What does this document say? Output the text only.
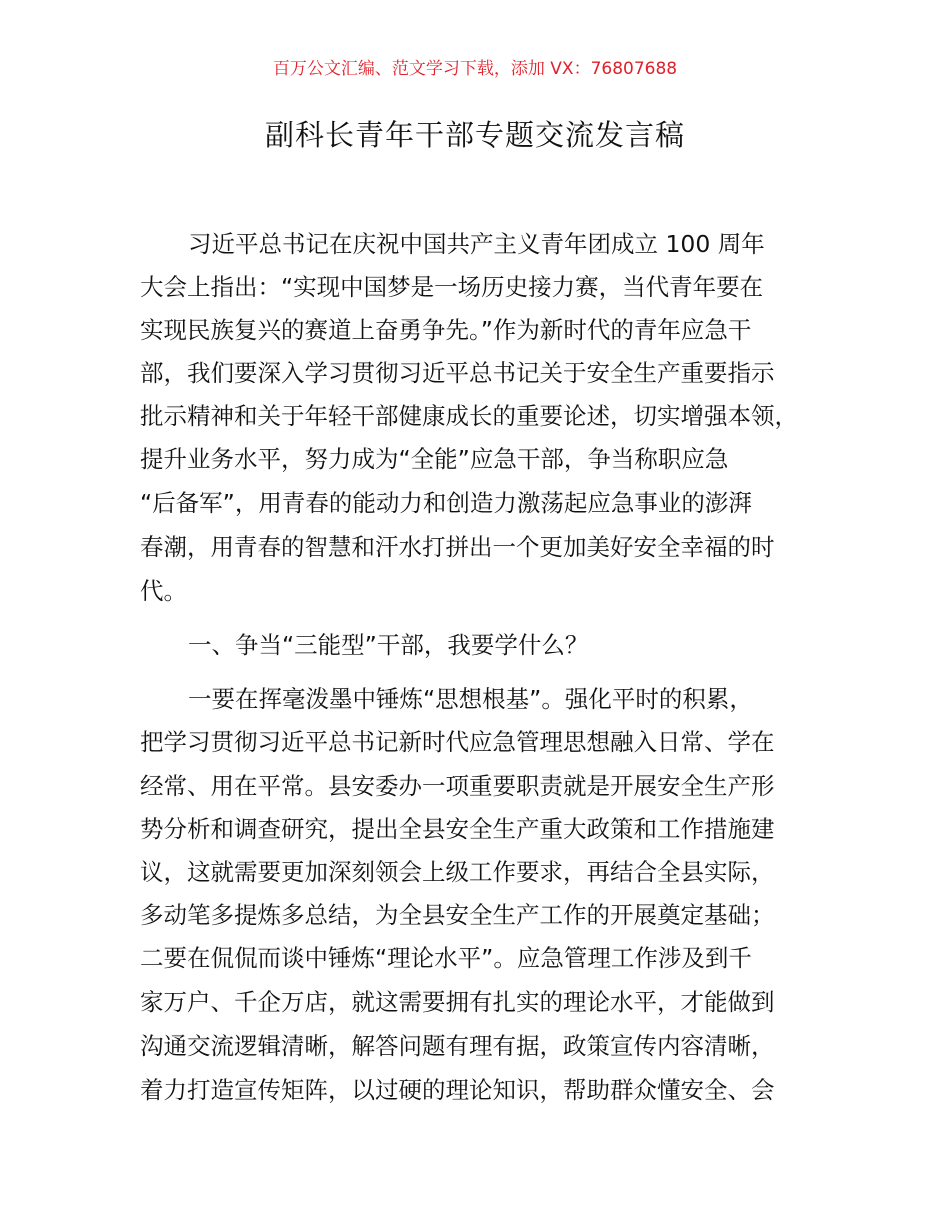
百万公文汇编、范文学习下载，添加 VX：76807688
副科长青年干部专题交流发言稿
习近平总书记在庆祝中国共产主义青年团成立 100 周年
大会上指出：“实现中国梦是一场历史接力赛，当代青年要在
实现民族复兴的赛道上奋勇争先。”作为新时代的青年应急干
部，我们要深入学习贯彻习近平总书记关于安全生产重要指示
批示精神和关于年轻干部健康成长的重要论述，切实增强本领，
提升业务水平，努力成为“全能”应急干部，争当称职应急
“后备军”，用青春的能动力和创造力激荡起应急事业的澎湃
春潮，用青春的智慧和汗水打拼出一个更加美好安全幸福的时
代。
一、争当“三能型”干部，我要学什么？
一要在挥毫泼墨中锤炼“思想根基”。强化平时的积累，
把学习贯彻习近平总书记新时代应急管理思想融入日常、学在
经常、用在平常。县安委办一项重要职责就是开展安全生产形
势分析和调查研究，提出全县安全生产重大政策和工作措施建
议，这就需要更加深刻领会上级工作要求，再结合全县实际，
多动笔多提炼多总结，为全县安全生产工作的开展奠定基础；
二要在侃侃而谈中锤炼“理论水平”。应急管理工作涉及到千
家万户、千企万店，就这需要拥有扎实的理论水平，才能做到
沟通交流逻辑清晰，解答问题有理有据，政策宣传内容清晰，
着力打造宣传矩阵，以过硬的理论知识，帮助群众懂安全、会
